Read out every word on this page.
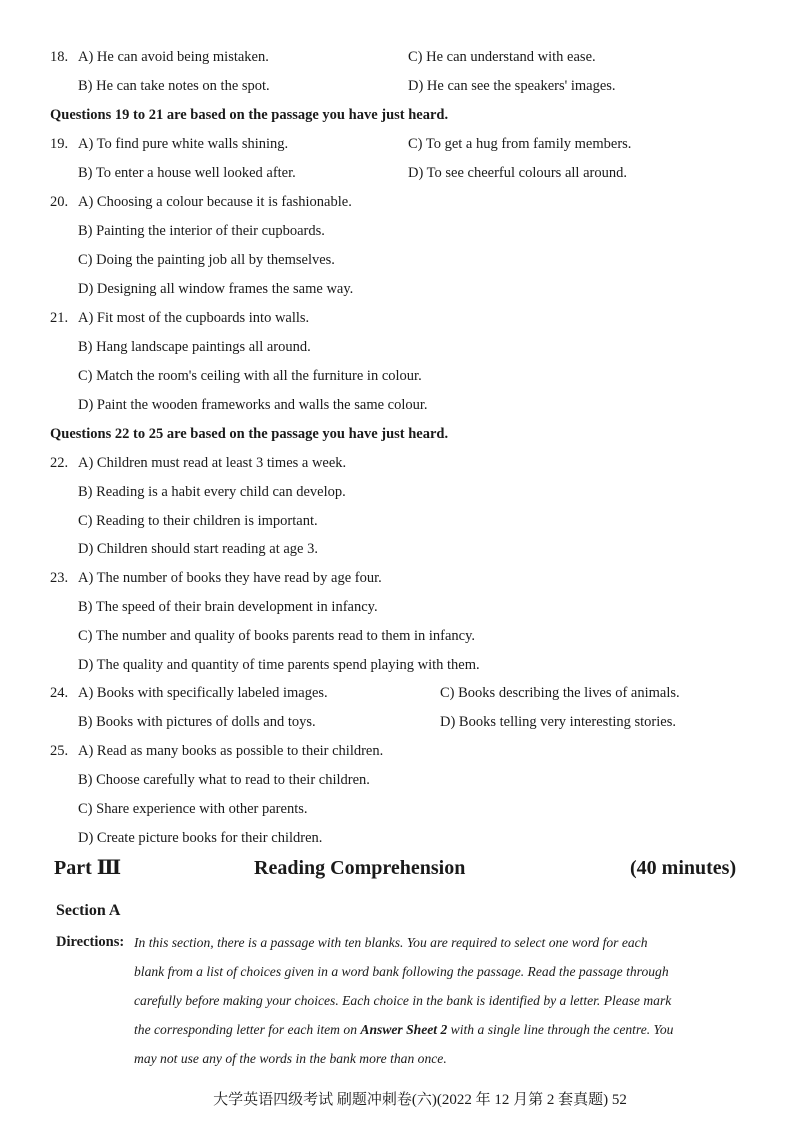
18. A) He can avoid being mistaken.	C) He can understand with ease.
B) He can take notes on the spot.	D) He can see the speakers' images.
Questions 19 to 21 are based on the passage you have just heard.
19. A) To find pure white walls shining.	C) To get a hug from family members.
B) To enter a house well looked after.	D) To see cheerful colours all around.
20. A) Choosing a colour because it is fashionable.
B) Painting the interior of their cupboards.
C) Doing the painting job all by themselves.
D) Designing all window frames the same way.
21. A) Fit most of the cupboards into walls.
B) Hang landscape paintings all around.
C) Match the room's ceiling with all the furniture in colour.
D) Paint the wooden frameworks and walls the same colour.
Questions 22 to 25 are based on the passage you have just heard.
22. A) Children must read at least 3 times a week.
B) Reading is a habit every child can develop.
C) Reading to their children is important.
D) Children should start reading at age 3.
23. A) The number of books they have read by age four.
B) The speed of their brain development in infancy.
C) The number and quality of books parents read to them in infancy.
D) The quality and quantity of time parents spend playing with them.
24. A) Books with specifically labeled images.	C) Books describing the lives of animals.
B) Books with pictures of dolls and toys.	D) Books telling very interesting stories.
25. A) Read as many books as possible to their children.
B) Choose carefully what to read to their children.
C) Share experience with other parents.
D) Create picture books for their children.
Part Ⅲ	Reading Comprehension	(40 minutes)
Section A
Directions: In this section, there is a passage with ten blanks. You are required to select one word for each
blank from a list of choices given in a word bank following the passage. Read the passage through
carefully before making your choices. Each choice in the bank is identified by a letter. Please mark
the corresponding letter for each item on Answer Sheet 2 with a single line through the centre. You
may not use any of the words in the bank more than once.
大学英语四级考试 刷题冲刺卷(六)(2022 年 12 月第 2 套真题) 52
